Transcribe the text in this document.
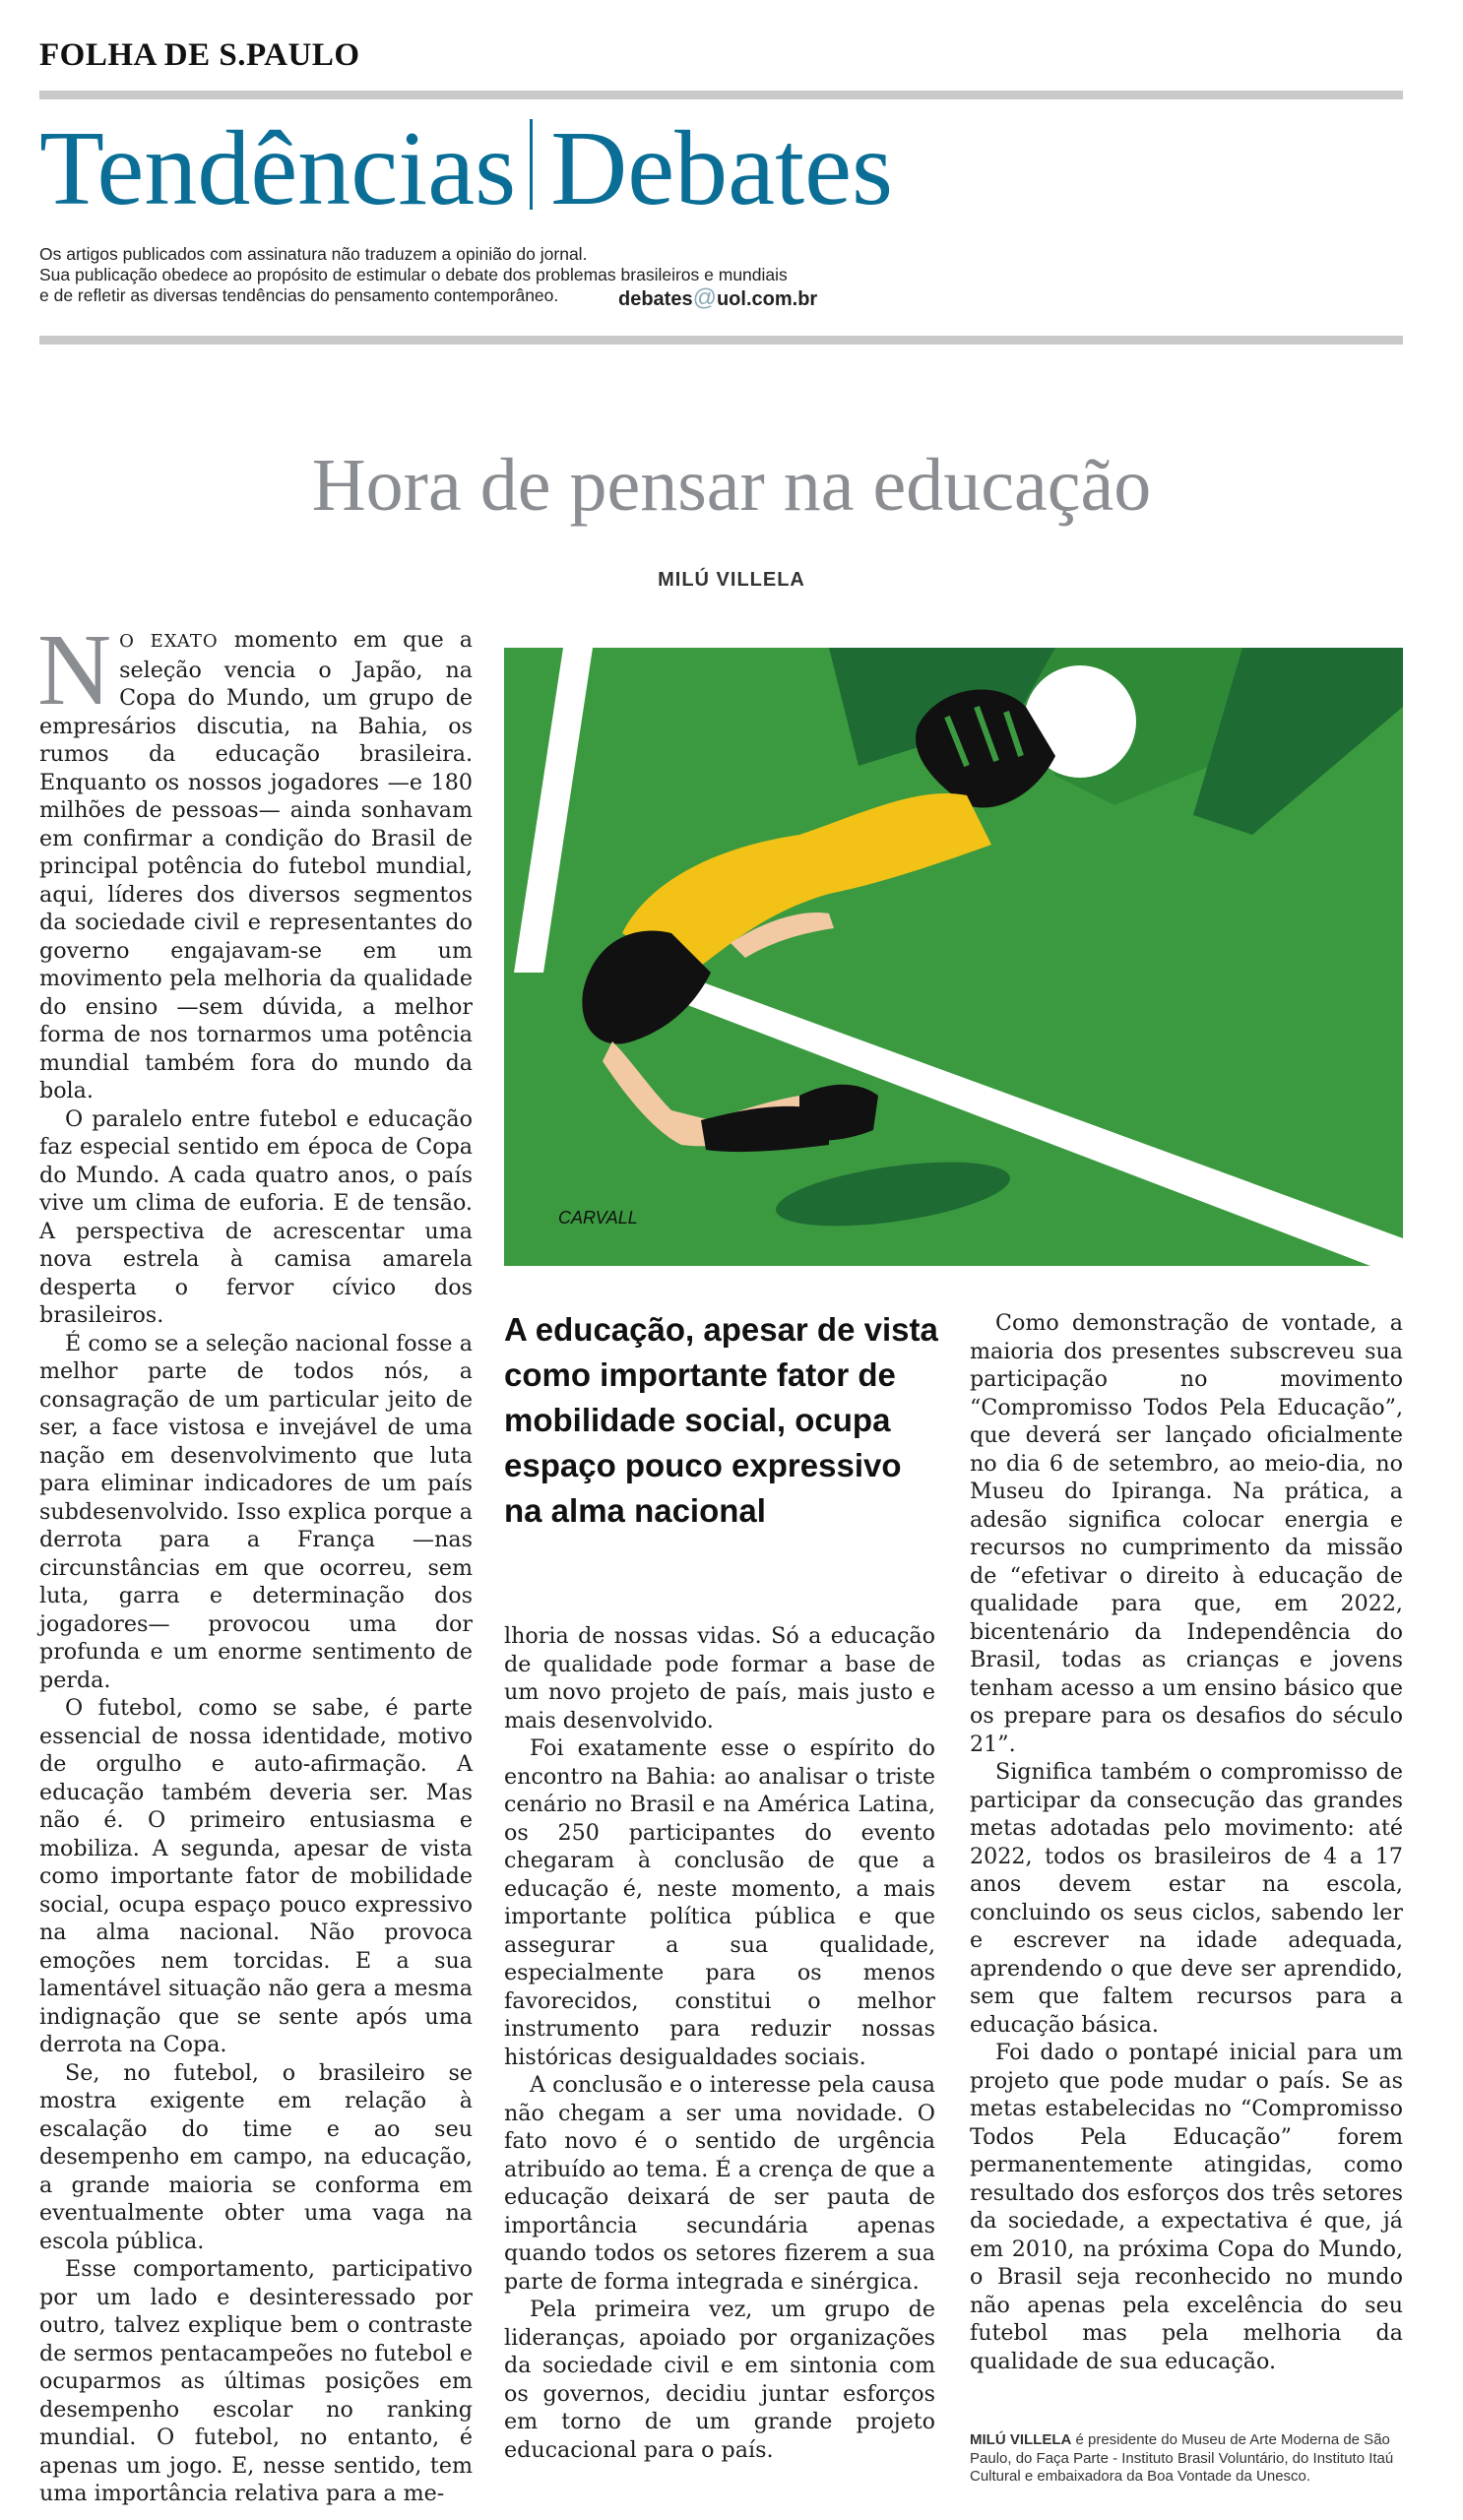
FOLHA DE S.PAULO
Tendências Debates
Os artigos publicados com assinatura não traduzem a opinião do jornal.
Sua publicação obedece ao propósito de estimular o debate dos problemas brasileiros e mundiais
e de refletir as diversas tendências do pensamento contemporâneo.	debates@uol.com.br
Hora de pensar na educação
MILÚ VILLELA

N O EXATO momento em que a seleção vencia o Japão, na Copa do Mundo, um grupo de empresários discutia, na Bahia, os rumos da educação brasileira. Enquanto os nossos jogadores —e 180 milhões de pessoas— ainda sonhavam em confirmar a condição do Brasil de principal potência do futebol mundial, aqui, líderes dos diversos segmentos da sociedade civil e representantes do governo engajavam-se em um movimento pela melhoria da qualidade do ensino —sem dúvida, a melhor forma de nos tornarmos uma potência mundial também fora do mundo da bola.

O paralelo entre futebol e educação faz especial sentido em época de Copa do Mundo. A cada quatro anos, o país vive um clima de euforia. E de tensão. A perspectiva de acrescentar uma nova estrela à camisa amarela desperta o fervor cívico dos brasileiros.

É como se a seleção nacional fosse a melhor parte de todos nós, a consagração de um particular jeito de ser, a face vistosa e invejável de uma nação em desenvolvimento que luta para eliminar indicadores de um país subdesenvolvido. Isso explica porque a derrota para a França —nas circunstâncias em que ocorreu, sem luta, garra e determinação dos jogadores— provocou uma dor profunda e um enorme sentimento de perda.

O futebol, como se sabe, é parte essencial de nossa identidade, motivo de orgulho e auto-afirmação. A educação também deveria ser. Mas não é. O primeiro entusiasma e mobiliza. A segunda, apesar de vista como importante fator de mobilidade social, ocupa espaço pouco expressivo na alma nacional. Não provoca emoções nem torcidas. E a sua lamentável situação não gera a mesma indignação que se sente após uma derrota na Copa.

Se, no futebol, o brasileiro se mostra exigente em relação à escalação do time e ao seu desempenho em campo, na educação, a grande maioria se conforma em eventualmente obter uma vaga na escola pública.

Esse comportamento, participativo por um lado e desinteressado por outro, talvez explique bem o contraste de sermos pentacampeões no futebol e ocuparmos as últimas posições em desempenho escolar no ranking mundial. O futebol, no entanto, é apenas um jogo. E, nesse sentido, tem uma importância relativa para a me-

CARVALL
A educação, apesar de vista como importante fator de mobilidade social, ocupa espaço pouco expressivo na alma nacional

lhoria de nossas vidas. Só a educação de qualidade pode formar a base de um novo projeto de país, mais justo e mais desenvolvido.

Foi exatamente esse o espírito do encontro na Bahia: ao analisar o triste cenário no Brasil e na América Latina, os 250 participantes do evento chegaram à conclusão de que a educação é, neste momento, a mais importante política pública e que assegurar a sua qualidade, especialmente para os menos favorecidos, constitui o melhor instrumento para reduzir nossas históricas desigualdades sociais.

A conclusão e o interesse pela causa não chegam a ser uma novidade. O fato novo é o sentido de urgência atribuído ao tema. É a crença de que a educação deixará de ser pauta de importância secundária apenas quando todos os setores fizerem a sua parte de forma integrada e sinérgica.

Pela primeira vez, um grupo de lideranças, apoiado por organizações da sociedade civil e em sintonia com os governos, decidiu juntar esforços em torno de um grande projeto educacional para o país.

Como demonstração de vontade, a maioria dos presentes subscreveu sua participação no movimento “Compromisso Todos Pela Educação”, que deverá ser lançado oficialmente no dia 6 de setembro, ao meio-dia, no Museu do Ipiranga. Na prática, a adesão significa colocar energia e recursos no cumprimento da missão de “efetivar o direito à educação de qualidade para que, em 2022, bicentenário da Independência do Brasil, todas as crianças e jovens tenham acesso a um ensino básico que os prepare para os desafios do século 21”.

Significa também o compromisso de participar da consecução das grandes metas adotadas pelo movimento: até 2022, todos os brasileiros de 4 a 17 anos devem estar na escola, concluindo os seus ciclos, sabendo ler e escrever na idade adequada, aprendendo o que deve ser aprendido, sem que faltem recursos para a educação básica.

Foi dado o pontapé inicial para um projeto que pode mudar o país. Se as metas estabelecidas no “Compromisso Todos Pela Educação” forem permanentemente atingidas, como resultado dos esforços dos três setores da sociedade, a expectativa é que, já em 2010, na próxima Copa do Mundo, o Brasil seja reconhecido no mundo não apenas pela excelência do seu futebol mas pela melhoria da qualidade de sua educação.

MILÚ VILLELA é presidente do Museu de Arte Moderna de São Paulo, do Faça Parte - Instituto Brasil Voluntário, do Instituto Itaú Cultural e embaixadora da Boa Vontade da Unesco.
